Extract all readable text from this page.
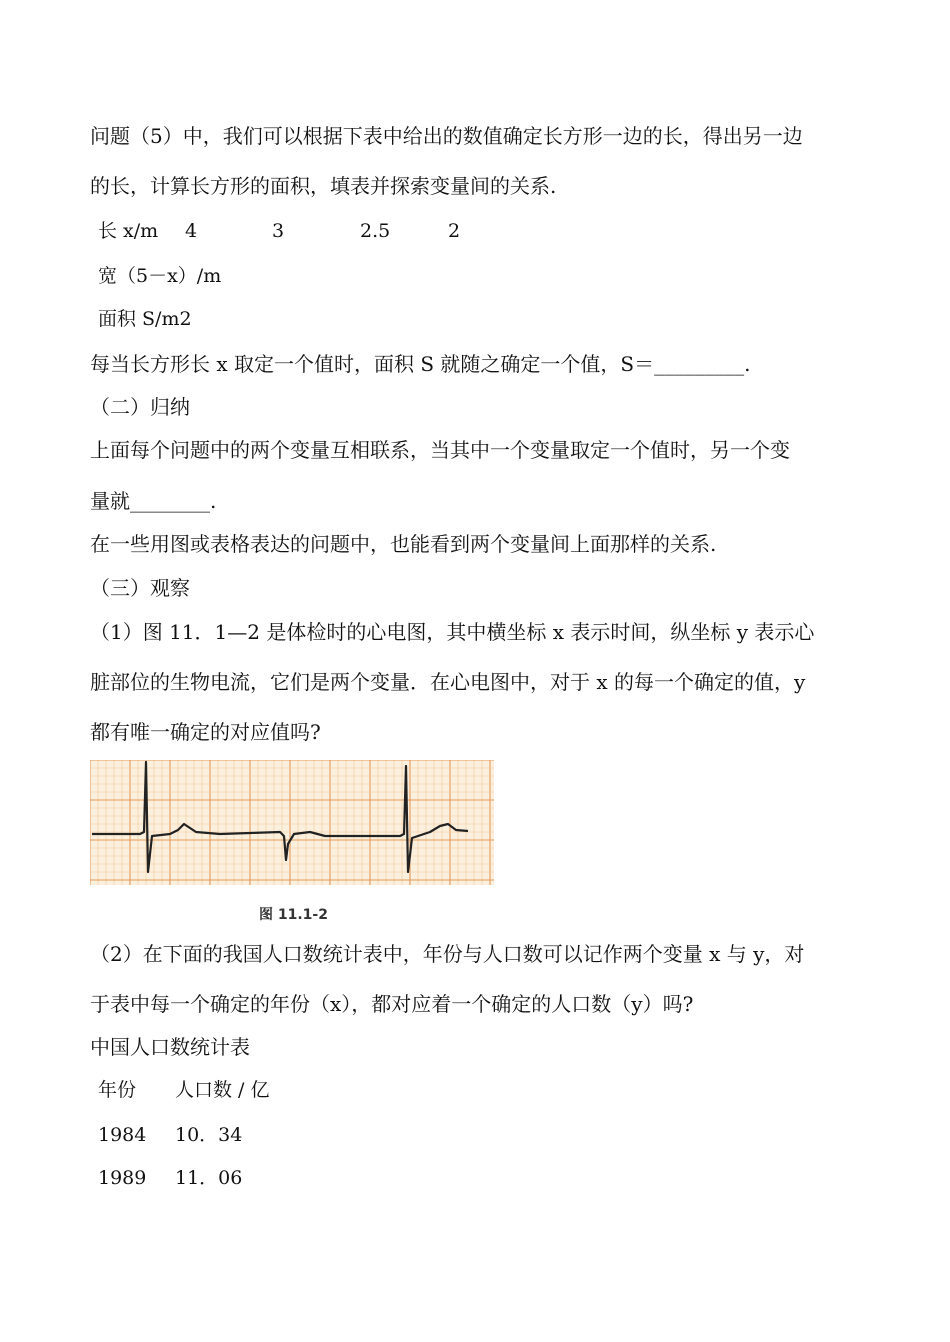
问题（5）中，我们可以根据下表中给出的数值确定长方形一边的长，得出另一边
的长，计算长方形的面积，填表并探索变量间的关系.
长 x/m 4	3	2.5	2
宽（5－x）/m
面积 S/m2
每当长方形长 x 取定一个值时，面积 S 就随之确定一个值，S＝_________.
（二）归纳
上面每个问题中的两个变量互相联系，当其中一个变量取定一个值时，另一个变
量就________.
在一些用图或表格表达的问题中，也能看到两个变量间上面那样的关系.
（三）观察
（1）图 11．1—2 是体检时的心电图，其中横坐标 x 表示时间，纵坐标 y 表示心
脏部位的生物电流，它们是两个变量．在心电图中，对于 x 的每一个确定的值，y
都有唯一确定的对应值吗?
图 11.1-2
（2）在下面的我国人口数统计表中，年份与人口数可以记作两个变量 x 与 y，对
于表中每一个确定的年份（x），都对应着一个确定的人口数（y）吗?
中国人口数统计表
年份 人口数 / 亿
1984 10．34
1989 11．06
